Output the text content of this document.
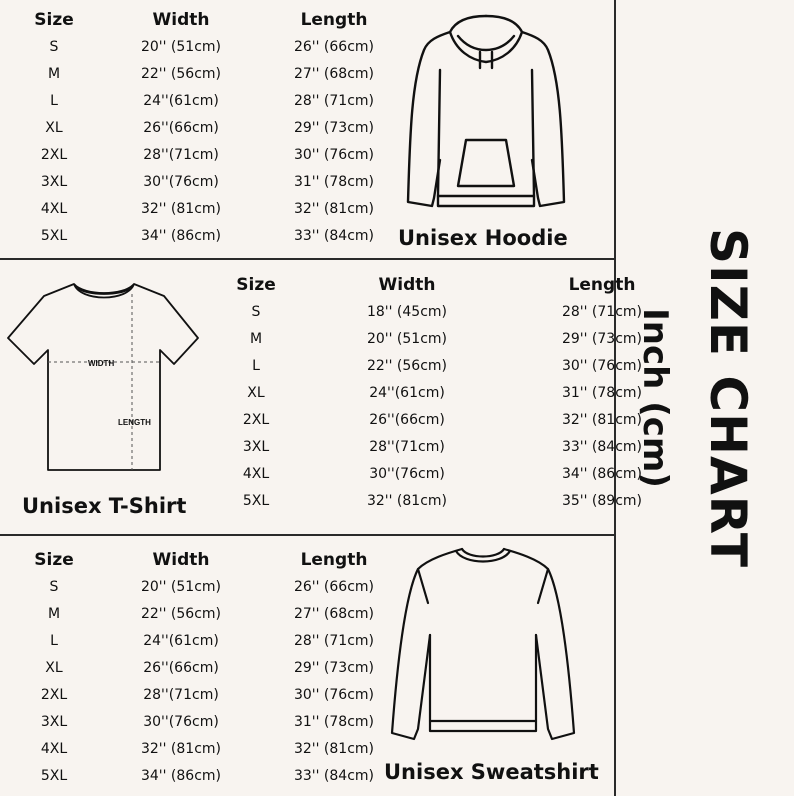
Size	Width	Length
S	20'' (51cm)	26'' (66cm)
M	22'' (56cm)	27'' (68cm)
L	24''(61cm)	28'' (71cm)
XL	26''(66cm)	29'' (73cm)
2XL	28''(71cm)	30'' (76cm)
3XL	30''(76cm)	31'' (78cm)
4XL	32'' (81cm)	32'' (81cm)
5XL	34'' (86cm)	33'' (84cm) Unisex Hoodie
WIDTH
LENGTH
Size	Width	Length
S	18'' (45cm)	28'' (71cm)
M	20'' (51cm)	29'' (73cm)
L	22'' (56cm)	30'' (76cm)
XL	24''(61cm)	31'' (78cm)
2XL	26''(66cm)	32'' (81cm)
3XL	28''(71cm)	33'' (84cm)
4XL	30''(76cm)	34'' (86cm)
5XL	32'' (81cm)	35'' (89cm)
Unisex T-Shirt
Size	Width	Length
S	20'' (51cm)	26'' (66cm)
M	22'' (56cm)	27'' (68cm)
L	24''(61cm)	28'' (71cm)
XL	26''(66cm)	29'' (73cm)
2XL	28''(71cm)	30'' (76cm)
3XL	30''(76cm)	31'' (78cm)
4XL	32'' (81cm)	32'' (81cm)
5XL	34'' (86cm)	33'' (84cm) Unisex Sweatshirt
SIZE CHART
Inch (cm)
